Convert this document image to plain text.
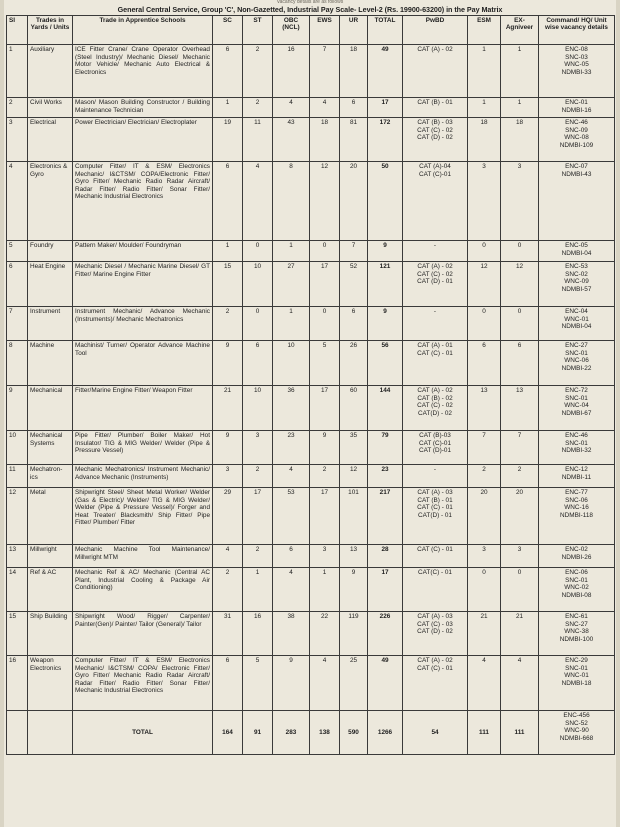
Vacancy details are as follows
General Central Service, Group 'C', Non-Gazetted, Industrial Pay Scale- Level-2 (Rs. 19900-63200) in the Pay Matrix
SI	Trades in Yards / Units	Trade in Apprentice Schools	SC	ST	OBC (NCL)	EWS	UR	TOTAL	PwBD	ESM	EX-Agniveer	Command/ HQ/ Unit wise vacancy details
1	Auxiliary	ICE Fitter Crane/ Crane Operator Overhead (Steel Industry)/ Mechanic Diesel/ Mechanic Motor Vehicle/ Mechanic Auto Electrical & Electronics	6	2	16	7	18	49	CAT (A) - 02	1	1	ENC-08
SNC-03
WNC-05
NDMBI-33

2	Civil Works	Mason/ Mason Building Constructor / Building Maintenance Technician	1	2	4	4	6	17	CAT (B) - 01	1	1	ENC-01
NDMBI-16

3	Electrical	Power Electrician/ Electrician/ Electroplater	19	11	43	18	81	172	CAT (B) - 03
CAT (C) - 02
CAT (D) - 02	18	18	ENC-46
SNC-09
WNC-08
NDMBI-109

4	Electronics & Gyro	Computer Fitter/ IT & ESM/ Electronics Mechanic/ I&CTSM/ COPA/Electronic Fitter/ Gyro Fitter/ Mechanic Radio Radar Aircraft/ Radar Fitter/ Radio Fitter/ Sonar Fitter/ Mechanic Industrial Electronics	6	4	8	12	20	50	CAT (A)-04
CAT (C)-01	3	3	ENC-07
NDMBI-43

5	Foundry	Pattern Maker/ Moulder/ Foundryman	1	0	1	0	7	9	-	0	0	ENC-05
NDMBI-04

6	Heat Engine	Mechanic Diesel / Mechanic Marine Diesel/ GT Fitter/ Marine Engine Fitter	15	10	27	17	52	121	CAT (A) - 02
CAT (C) - 02
CAT (D) - 01	12	12	ENC-53
SNC-02
WNC-09
NDMBI-57

7	Instrument	Instrument Mechanic/ Advance Mechanic (Instruments)/ Mechanic Mechatronics	2	0	1	0	6	9	-	0	0	ENC-04
WNC-01
NDMBI-04

8	Machine	Machinist/ Turner/ Operator Advance Machine Tool	9	6	10	5	26	56	CAT (A) - 01
CAT (C) - 01	6	6	ENC-27
SNC-01
WNC-06
NDMBI-22

9	Mechanical	Fitter/Marine Engine Fitter/ Weapon Fitter	21	10	36	17	60	144	CAT (A) - 02
CAT (B) - 02
CAT (C) - 02
CAT(D) - 02	13	13	ENC-72
SNC-01
WNC-04
NDMBI-67

10	Mechanical Systems	Pipe Fitter/ Plumber/ Boiler Maker/ Hot Insulator/ TIG & MIG Welder/ Welder (Pipe & Pressure Vessel)	9	3	23	9	35	79	CAT (B)-03
CAT (C)-01
CAT (D)-01	7	7	ENC-46
SNC-01
NDMBI-32

11	Mechatron-ics	Mechanic Mechatronics/ Instrument Mechanic/ Advance Mechanic (Instruments)	3	2	4	2	12	23	-	2	2	ENC-12
NDMBI-11

12	Metal	Shipwright Steel/ Sheet Metal Worker/ Welder (Gas & Electric)/ Welder/ TIG & MIG Welder/ Welder (Pipe & Pressure Vessel)/ Forger and Heat Treater/ Blacksmith/ Ship Fitter/ Pipe Fitter/ Plumber/ Fitter	29	17	53	17	101	217	CAT (A) - 03
CAT (B) - 01
CAT (C) - 01
CAT(D) - 01	20	20	ENC-77
SNC-06
WNC-16
NDMBI-118

13	Millwright	Mechanic Machine Tool Maintenance/ Millwright MTM	4	2	6	3	13	28	CAT (C) - 01	3	3	ENC-02
NDMBI-26

14	Ref & AC	Mechanic Ref & AC/ Mechanic (Central AC Plant, Industrial Cooling & Package Air Conditioning)	2	1	4	1	9	17	CAT(C) - 01	0	0	ENC-06
SNC-01
WNC-02
NDMBI-08

15	Ship Building	Shipwright Wood/ Rigger/ Carpenter/ Painter(Gen)/ Painter/ Tailor (General)/ Tailor	31	16	38	22	119	226	CAT (A) - 03
CAT (C) - 03
CAT (D) - 02	21	21	ENC-61
SNC-27
WNC-38
NDMBI-100

16	Weapon Electronics	Computer Fitter/ IT & ESM/ Electronics Mechanic/ I&CTSM/ COPA/ Electronic Fitter/ Gyro Fitter/ Mechanic Radio Radar Aircraft/ Radar Fitter/ Radio Fitter/ Sonar Fitter/ Mechanic Industrial Electronics	6	5	9	4	25	49	CAT (A) - 02
CAT (C) - 01	4	4	ENC-29
SNC-01
WNC-01
NDMBI-18

		TOTAL	164	91	283	138	590	1266	54	111	111	ENC-456
SNC-52
WNC-90
NDMBI-668
